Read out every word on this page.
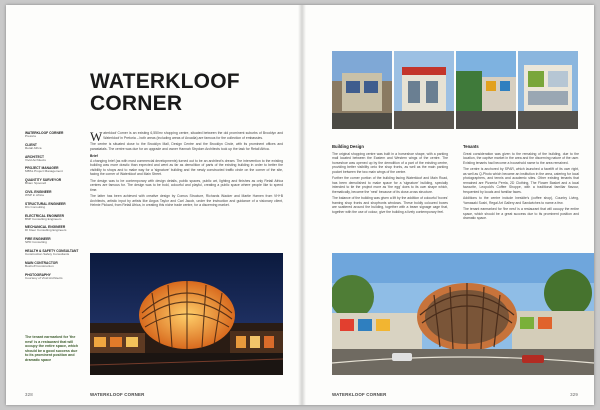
WATERKLOOF
CORNER
WATERKLOOF CORNER
Pretoria
CLIENT
Retail Africa
ARCHITECT
Vivid Architects
PROJECT MANAGER
MBSL Project Management
QUANTITY SURVEYOR
Bham Spoonell
CIVIL ENGINEER
WSP in Africa
STRUCTURAL ENGINEER
DG Consulting
ELECTRICAL ENGINEER
BNP Consulting Engineers
MECHANICAL ENGINEER
DI Kleer Consulting Engineers
FIRE ENGINEER
SPD Consulting
HEALTH & SAFETY CONSULTANT
Construction Safety Consultants
MAIN CONTRACTOR
Boshoff Construction
PHOTOGRAPHY
Courtesy of Vivid Architects
The tenant earmarked for 'the nest' is a restaurant that will occupy the entire space, which should be a good success due to its prominent position and dramatic space

Waterkloof Corner is an existing 6,550m² shopping centre, situated between the old prominent suburbs of Brooklyn and Waterkloof in Pretoria – both areas (including areas of Arcadia) are famous for the collection of embassies.

The centre is situated close to the Brooklyn Mall, Design Centre and the Brooklyn Circle, with its prominent offices and parastatals. The centre was due for an upgrade and owner Hannah Strydom Architects took up the task for Retail Africa.

Brief

A changing brief (as with most commercial developments) turned out to be an architect's dream. The intervention to the existing building was more drastic than expected and went as far as demolition of parts of the existing building in order to better the visibility to shops and to make way for a 'signature' building and the newly constructed traffic circle on the corner of the site, facing the corner of Waterkloof and Main Street.

The design was to be contemporary with design details, public spaces, public art, lighting and finishes as only Retail Africa centres are famous for. The design was to be bold, colourful and playful, creating a public space where people like to spend time.

The latter has been achieved with creative design by Comus Structure, Richards Wacker and Martie Harnen from VH+B Architects, artistic input by artists like Angus Taylor and Carl Jacob, under the instruction and guidance of a visionary client, Helmie Pickard, from Retail Africa, in creating this niche trade centre, for a discerning market.

328	WATERKLOOF CORNER
Building Design

The original shopping centre was built in a horseshoe shape, with a parking mall located between the Eastern and Western wings of the centre. The horseshoe was opened up by the demolition of a part of the existing centre, providing better visibility onto the shop fronts, as well as the main parking pocket between the two main wings of the centre.

Further the corner portion of the building facing Waterkloof and Main Road, has been demolished to make space for a 'signature' building, specially intended to tie the project more as 'the egg' does to its own shape which, thematically, became the 'nest' because of its close-cross structure.

The balance of the building was given a lift by the addition of colourful 'boxes' framing shop fronts and shopfronts windows. These boldly coloured boxes are scattered around the building, together with a beam signage cage that, together with the use of colour, give the building a lively contemporary feel.

Tenants

Great consideration was given to the remaking of the building, due to the location, the captive market in the area and the discerning nature of the user. Existing tenants had become a household name to the area remained.

The centre is anchored by SPAR, which launched a facelift of its own right, as well as Q-Photo which became an institution in the area, catering for local photographers, and tennis and academic sites. Other existing tenants that remained are Pizzeria Perrla, 2D Clothing, The Flower Basket and a local favourite, Leopold's Coffee Shoppe, with a traditional familiar flavour, frequented by locals and familiar faces.

Additions to the centre include Ineskite's (coffee shop), Country Living, Yamasaki Sushi, Regal Art Gallery and Sandwiches to name a few.

The tenant earmarked for 'the nest' is a restaurant that will occupy the entire space, which should be a great success due to its prominent position and dramatic space.

WATERKLOOF CORNER	329
